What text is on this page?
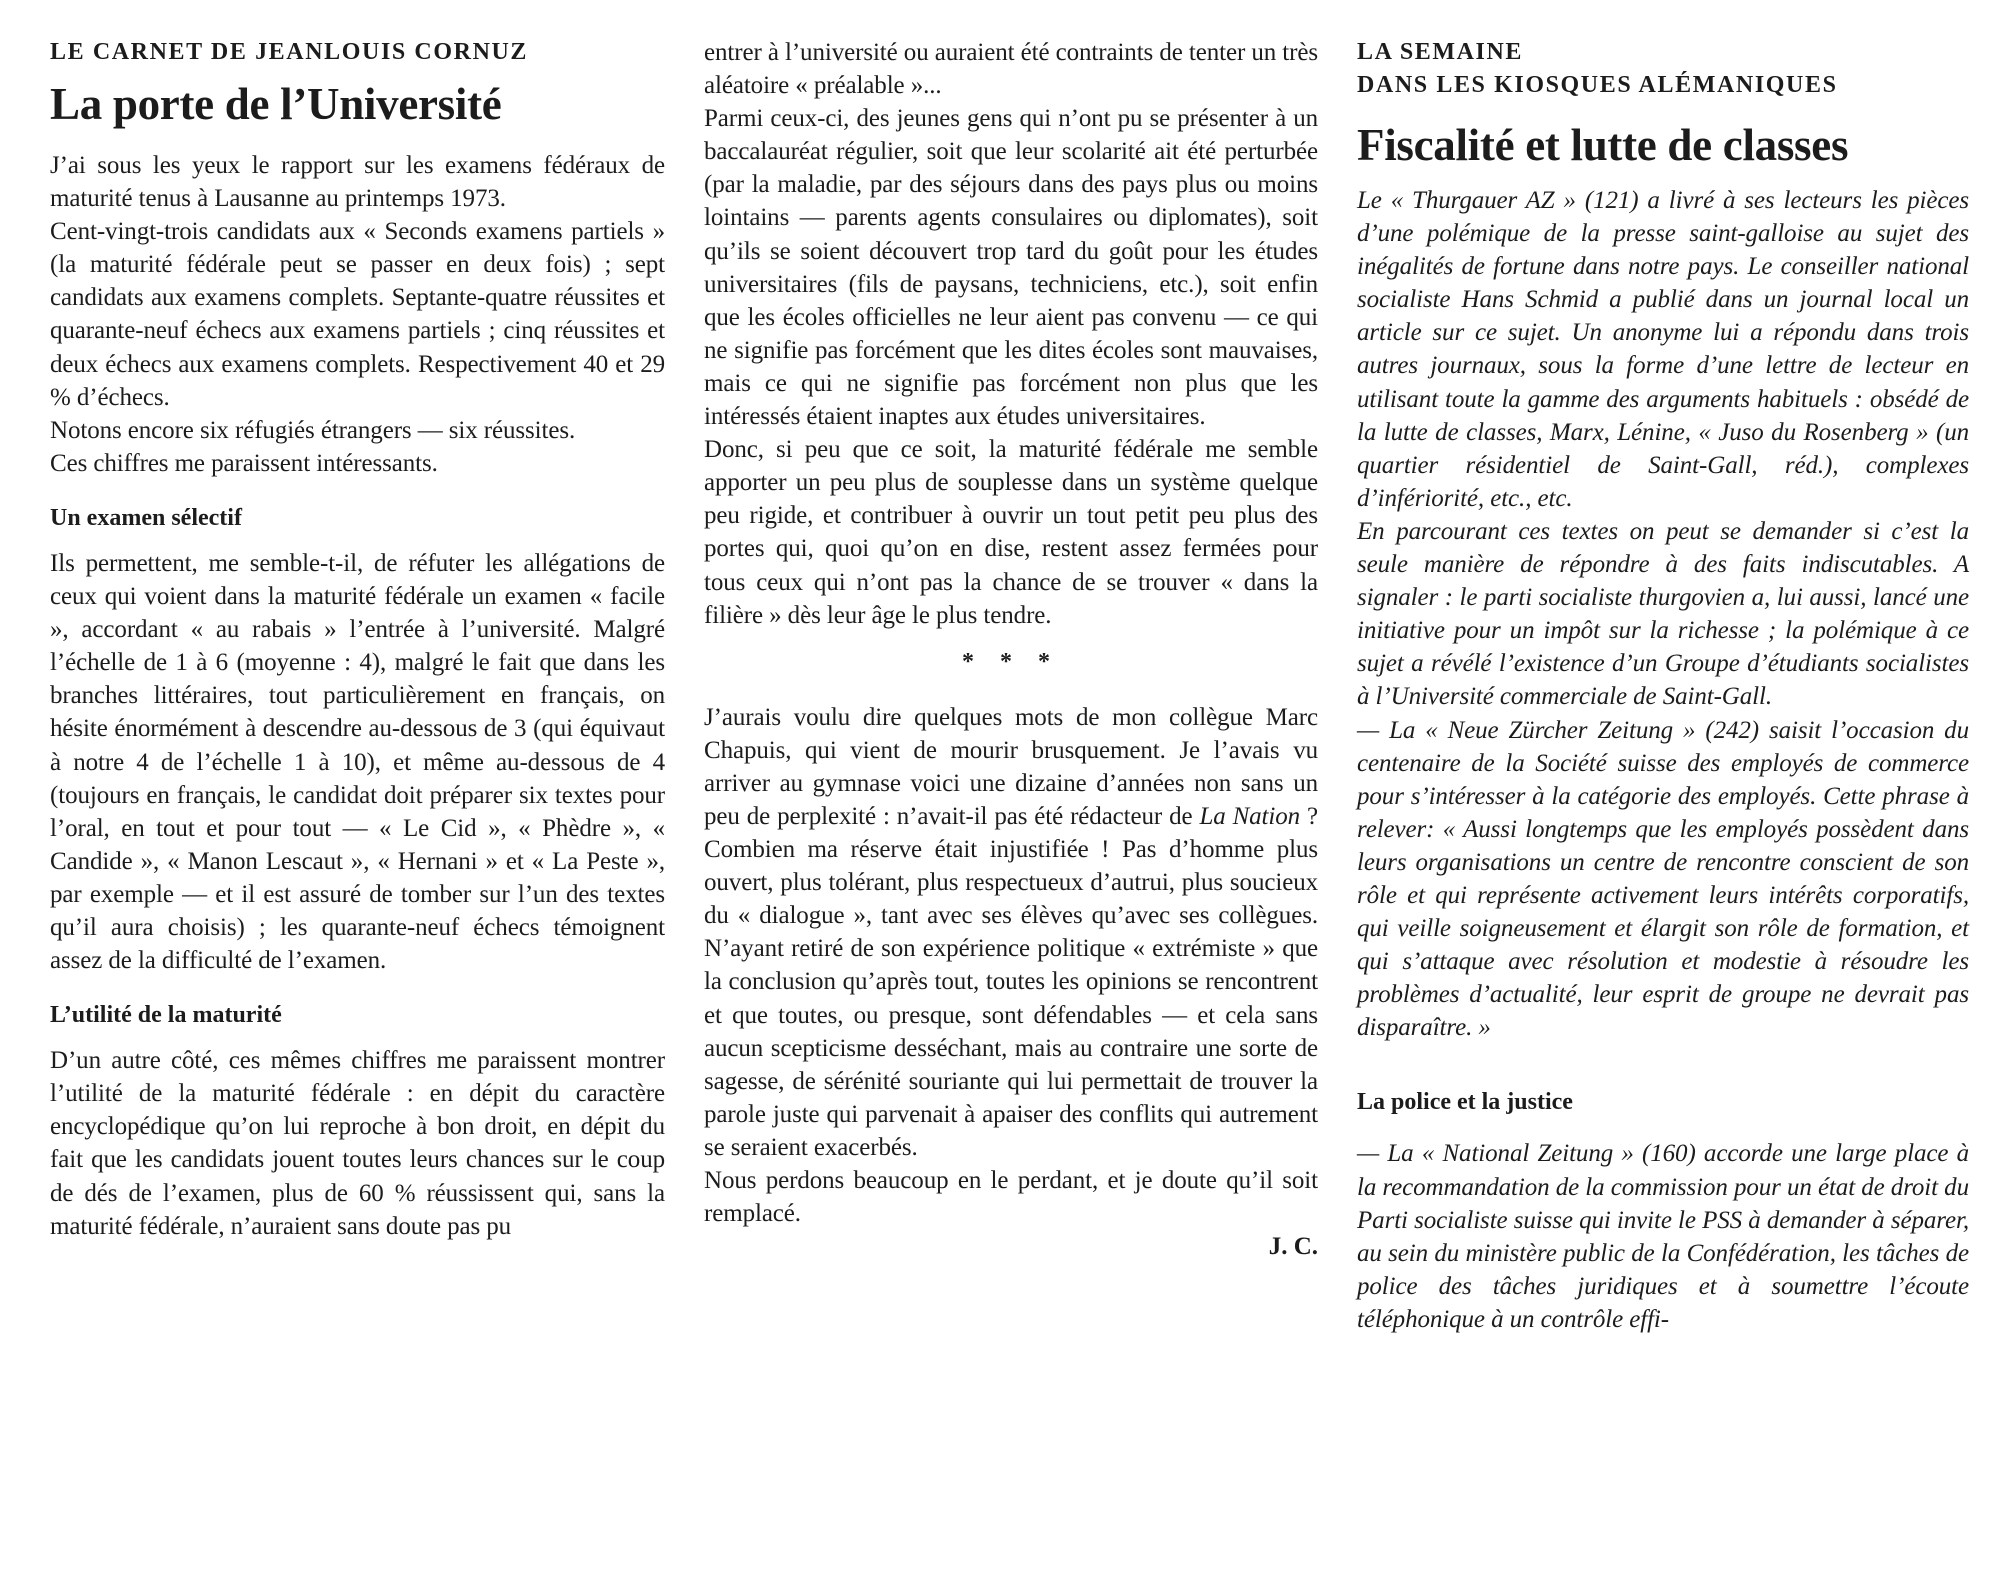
LE CARNET DE JEANLOUIS CORNUZ
La porte de l’Université

J’ai sous les yeux le rapport sur les examens fédéraux de maturité tenus à Lausanne au printemps 1973.

Cent-vingt-trois candidats aux « Seconds examens partiels » (la maturité fédérale peut se passer en deux fois) ; sept candidats aux examens complets. Septante-quatre réussites et quarante-neuf échecs aux examens partiels ; cinq réussites et deux échecs aux examens complets. Respectivement 40 et 29 % d’échecs.

Notons encore six réfugiés étrangers — six réussites.

Ces chiffres me paraissent intéressants.

Un examen sélectif

Ils permettent, me semble-t-il, de réfuter les allégations de ceux qui voient dans la maturité fédérale un examen « facile », accordant « au rabais » l’entrée à l’université. Malgré l’échelle de 1 à 6 (moyenne : 4), malgré le fait que dans les branches littéraires, tout particulièrement en français, on hésite énormément à descendre au-dessous de 3 (qui équivaut à notre 4 de l’échelle 1 à 10), et même au-dessous de 4 (toujours en français, le candidat doit préparer six textes pour l’oral, en tout et pour tout — « Le Cid », « Phèdre », « Candide », « Manon Lescaut », « Hernani » et « La Peste », par exemple — et il est assuré de tomber sur l’un des textes qu’il aura choisis) ; les quarante-neuf échecs témoignent assez de la difficulté de l’examen.

L’utilité de la maturité

D’un autre côté, ces mêmes chiffres me paraissent montrer l’utilité de la maturité fédérale : en dépit du caractère encyclopédique qu’on lui reproche à bon droit, en dépit du fait que les candidats jouent toutes leurs chances sur le coup de dés de l’examen, plus de 60 % réussissent qui, sans la maturité fédérale, n’auraient sans doute pas pu

entrer à l’université ou auraient été contraints de tenter un très aléatoire « préalable »...

Parmi ceux-ci, des jeunes gens qui n’ont pu se présenter à un baccalauréat régulier, soit que leur scolarité ait été perturbée (par la maladie, par des séjours dans des pays plus ou moins lointains — parents agents consulaires ou diplomates), soit qu’ils se soient découvert trop tard du goût pour les études universitaires (fils de paysans, techniciens, etc.), soit enfin que les écoles officielles ne leur aient pas convenu — ce qui ne signifie pas forcément que les dites écoles sont mauvaises, mais ce qui ne signifie pas forcément non plus que les intéressés étaient inaptes aux études universitaires.

Donc, si peu que ce soit, la maturité fédérale me semble apporter un peu plus de souplesse dans un système quelque peu rigide, et contribuer à ouvrir un tout petit peu plus des portes qui, quoi qu’on en dise, restent assez fermées pour tous ceux qui n’ont pas la chance de se trouver « dans la filière » dès leur âge le plus tendre.

* * *

J’aurais voulu dire quelques mots de mon collègue Marc Chapuis, qui vient de mourir brusquement. Je l’avais vu arriver au gymnase voici une dizaine d’années non sans un peu de perplexité : n’avait-il pas été rédacteur de La Nation ? Combien ma réserve était injustifiée ! Pas d’homme plus ouvert, plus tolérant, plus respectueux d’autrui, plus soucieux du « dialogue », tant avec ses élèves qu’avec ses collègues. N’ayant retiré de son expérience politique « extrémiste » que la conclusion qu’après tout, toutes les opinions se rencontrent et que toutes, ou presque, sont défendables — et cela sans aucun scepticisme desséchant, mais au contraire une sorte de sagesse, de sérénité souriante qui lui permettait de trouver la parole juste qui parvenait à apaiser des conflits qui autrement se seraient exacerbés.

Nous perdons beaucoup en le perdant, et je doute qu’il soit remplacé.

J. C.
LA SEMAINE
DANS LES KIOSQUES ALÉMANIQUES
Fiscalité et lutte de classes

Le « Thurgauer AZ » (121) a livré à ses lecteurs les pièces d’une polémique de la presse saint-galloise au sujet des inégalités de fortune dans notre pays. Le conseiller national socialiste Hans Schmid a publié dans un journal local un article sur ce sujet. Un anonyme lui a répondu dans trois autres journaux, sous la forme d’une lettre de lecteur en utilisant toute la gamme des arguments habituels : obsédé de la lutte de classes, Marx, Lénine, « Juso du Rosenberg » (un quartier résidentiel de Saint-Gall, réd.), complexes d’infériorité, etc., etc.

En parcourant ces textes on peut se demander si c’est la seule manière de répondre à des faits indiscutables. A signaler : le parti socialiste thurgovien a, lui aussi, lancé une initiative pour un impôt sur la richesse ; la polémique à ce sujet a révélé l’existence d’un Groupe d’étudiants socialistes à l’Université commerciale de Saint-Gall.

— La « Neue Zürcher Zeitung » (242) saisit l’occasion du centenaire de la Société suisse des employés de commerce pour s’intéresser à la catégorie des employés. Cette phrase à relever: « Aussi longtemps que les employés possèdent dans leurs organisations un centre de rencontre conscient de son rôle et qui représente activement leurs intérêts corporatifs, qui veille soigneusement et élargit son rôle de formation, et qui s’attaque avec résolution et modestie à résoudre les problèmes d’actualité, leur esprit de groupe ne devrait pas disparaître. »

La police et la justice

— La « National Zeitung » (160) accorde une large place à la recommandation de la commission pour un état de droit du Parti socialiste suisse qui invite le PSS à demander à séparer, au sein du ministère public de la Confédération, les tâches de police des tâches juridiques et à soumettre l’écoute téléphonique à un contrôle effi-
